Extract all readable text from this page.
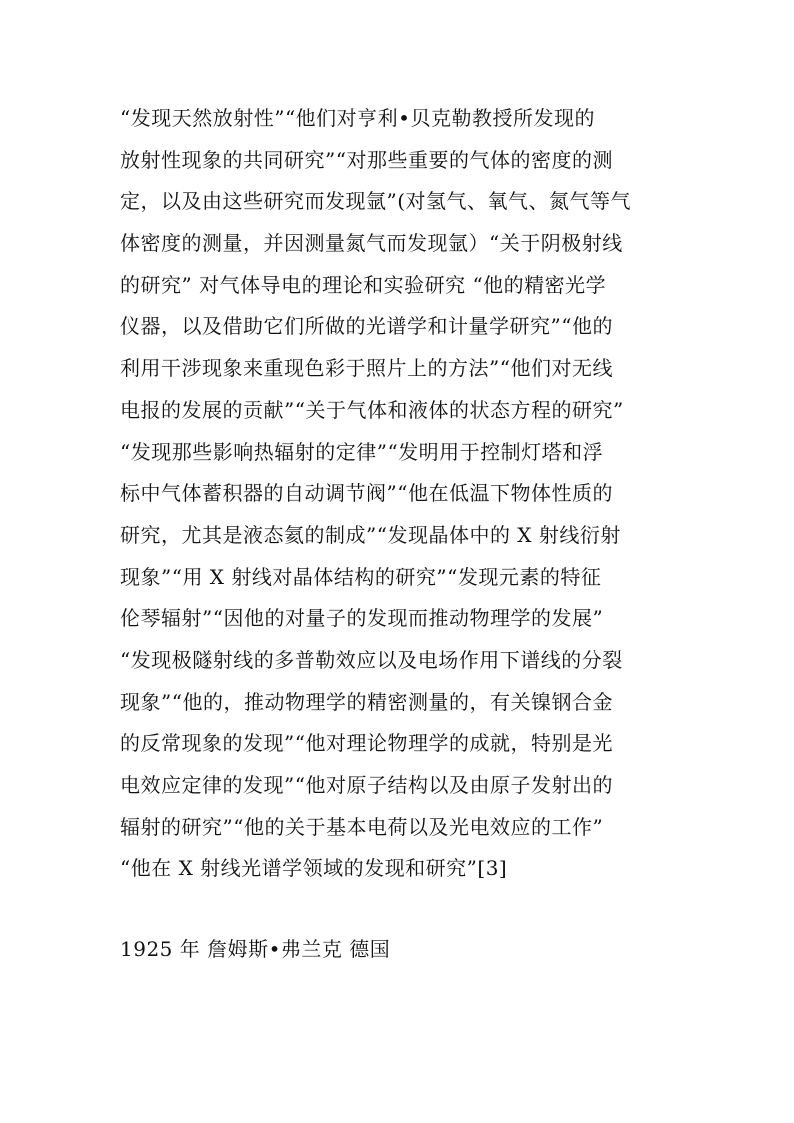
“发现天然放射性”“他们对亨利•贝克勒教授所发现的
放射性现象的共同研究”“对那些重要的气体的密度的测
定，以及由这些研究而发现氩”(对氢气、氧气、氮气等气
体密度的测量，并因测量氮气而发现氩）“关于阴极射线
的研究” 对气体导电的理论和实验研究 “他的精密光学
仪器，以及借助它们所做的光谱学和计量学研究”“他的
利用干涉现象来重现色彩于照片上的方法”“他们对无线
电报的发展的贡献”“关于气体和液体的状态方程的研究”
“发现那些影响热辐射的定律”“发明用于控制灯塔和浮
标中气体蓄积器的自动调节阀”“他在低温下物体性质的
研究，尤其是液态氦的制成”“发现晶体中的 X 射线衍射
现象”“用 X 射线对晶体结构的研究”“发现元素的特征
伦琴辐射”“因他的对量子的发现而推动物理学的发展”
“发现极隧射线的多普勒效应以及电场作用下谱线的分裂
现象”“他的，推动物理学的精密测量的，有关镍钢合金
的反常现象的发现”“他对理论物理学的成就，特别是光
电效应定律的发现”“他对原子结构以及由原子发射出的
辐射的研究”“他的关于基本电荷以及光电效应的工作”
“他在 X 射线光谱学领域的发现和研究”[3]

1925 年 詹姆斯•弗兰克 德国
